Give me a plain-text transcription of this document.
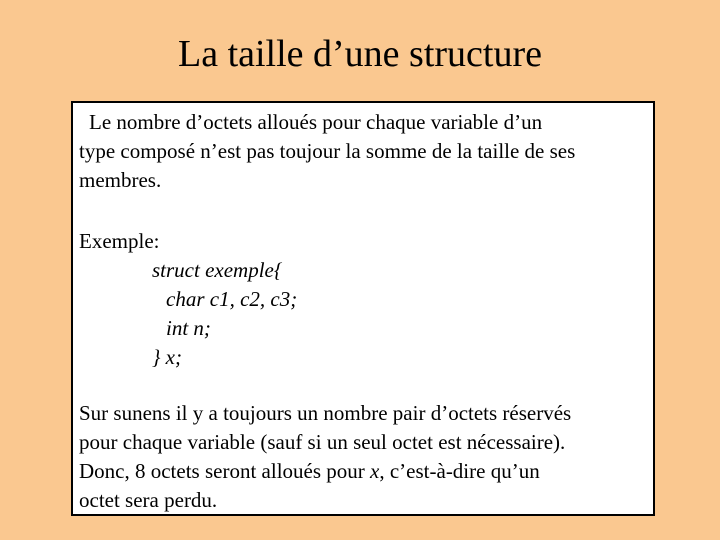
La taille d’une structure
Le nombre d’octets alloués pour chaque variable d’un
type composé n’est pas toujour la somme de la taille de ses
membres.
Exemple:
struct exemple{
char c1, c2, c3;
int n;
} x;
Sur sunens il y a toujours un nombre pair d’octets réservés
pour chaque variable (sauf si un seul octet est nécessaire).
Donc, 8 octets seront alloués pour x, c’est-à-dire qu’un
octet sera perdu.
